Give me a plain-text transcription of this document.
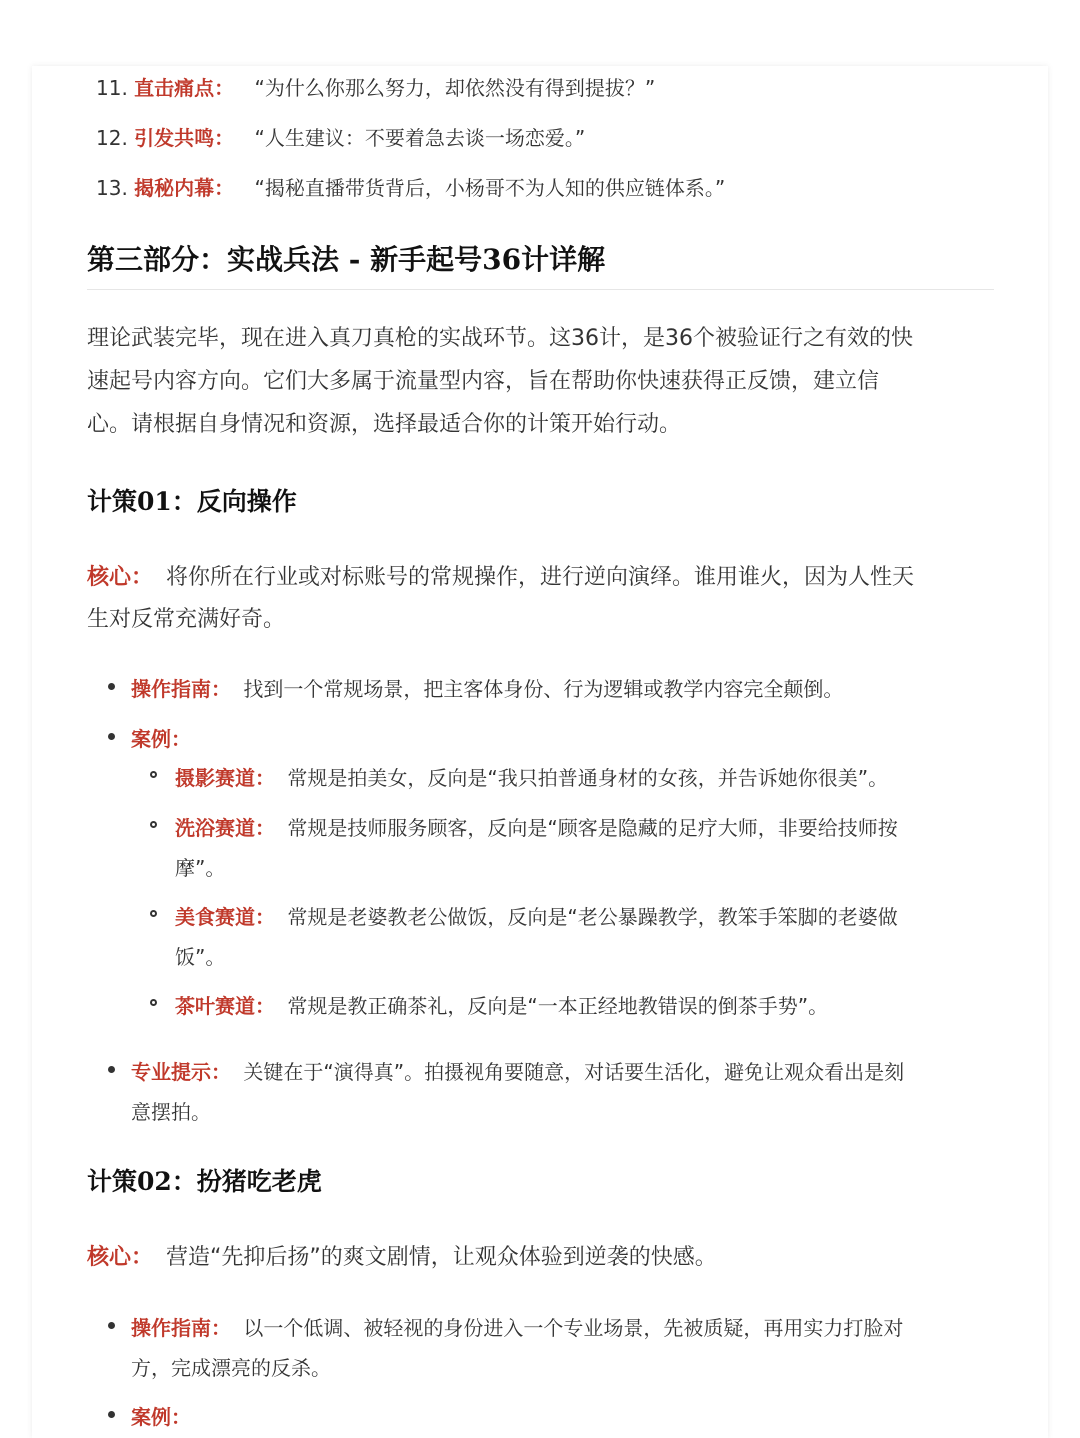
11. 直击痛点： “为什么你那么努力，却依然没有得到提拔？”
12. 引发共鸣： “人生建议：不要着急去谈一场恋爱。”
13. 揭秘内幕： “揭秘直播带货背后，小杨哥不为人知的供应链体系。”
第三部分：实战兵法 - 新手起号36计详解
理论武装完毕，现在进入真刀真枪的实战环节。这36计，是36个被验证行之有效的快
速起号内容方向。它们大多属于流量型内容，旨在帮助你快速获得正反馈，建立信
心。请根据自身情况和资源，选择最适合你的计策开始行动。
计策01：反向操作
核心： 将你所在行业或对标账号的常规操作，进行逆向演绎。谁用谁火，因为人性天
生对反常充满好奇。
操作指南： 找到一个常规场景，把主客体身份、行为逻辑或教学内容完全颠倒。
案例：
摄影赛道： 常规是拍美女，反向是“我只拍普通身材的女孩，并告诉她你很美”。
洗浴赛道： 常规是技师服务顾客，反向是“顾客是隐藏的足疗大师，非要给技师按
摩”。
美食赛道： 常规是老婆教老公做饭，反向是“老公暴躁教学，教笨手笨脚的老婆做
饭”。
茶叶赛道： 常规是教正确茶礼，反向是“一本正经地教错误的倒茶手势”。
专业提示： 关键在于“演得真”。拍摄视角要随意，对话要生活化，避免让观众看出是刻
意摆拍。
计策02：扮猪吃老虎
核心： 营造“先抑后扬”的爽文剧情，让观众体验到逆袭的快感。
操作指南： 以一个低调、被轻视的身份进入一个专业场景，先被质疑，再用实力打脸对
方，完成漂亮的反杀。
案例：
